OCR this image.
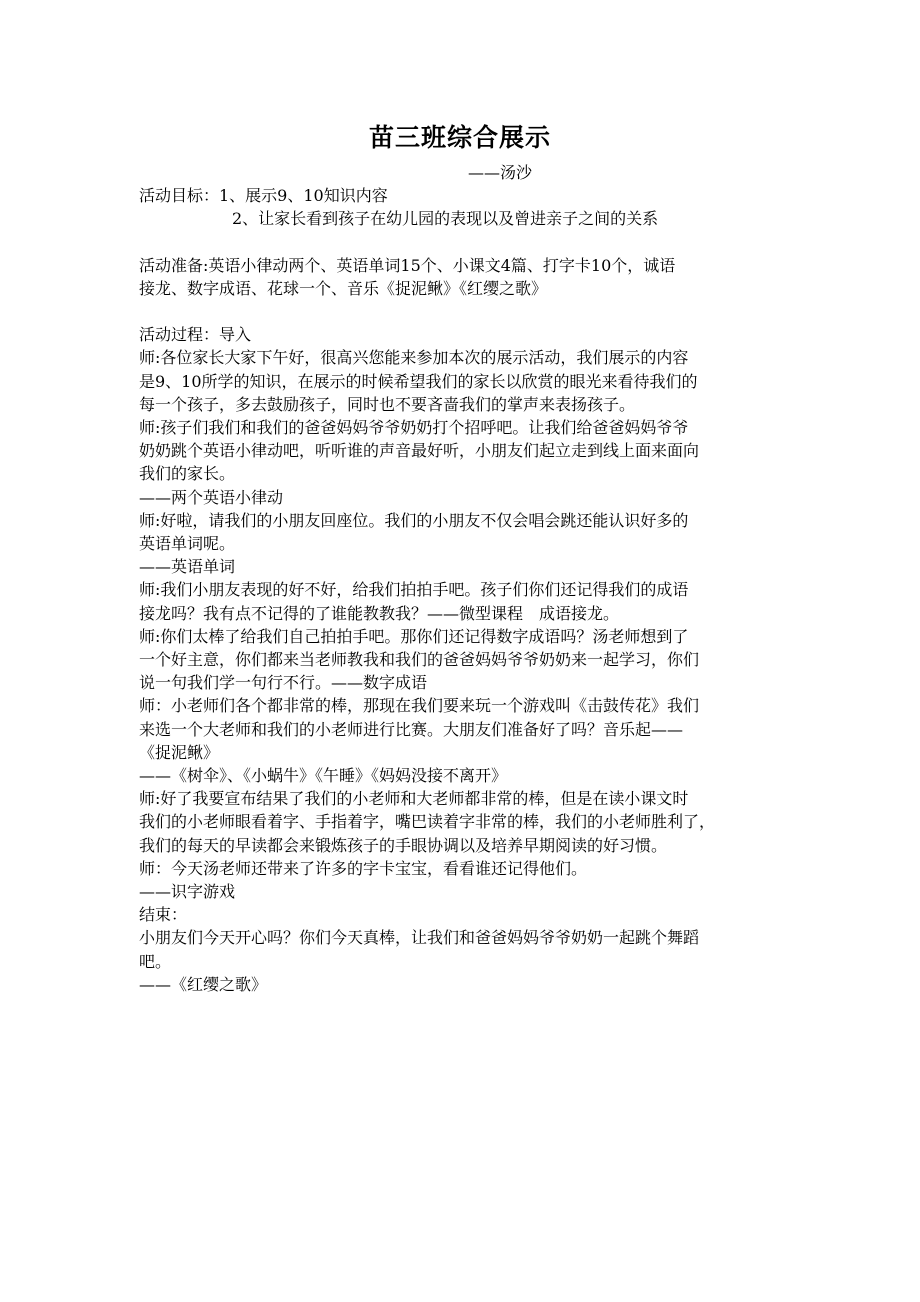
苗三班综合展示
——汤沙
活动目标：1、展示9、10知识内容
2、让家长看到孩子在幼儿园的表现以及曾进亲子之间的关系
活动准备:英语小律动两个、英语单词15个、小课文4篇、打字卡10个，诚语
接龙、数字成语、花球一个、音乐《捉泥鳅》《红缨之歌》
活动过程：导入
师:各位家长大家下午好，很高兴您能来参加本次的展示活动，我们展示的内容
是9、10所学的知识，在展示的时候希望我们的家长以欣赏的眼光来看待我们的
每一个孩子，多去鼓励孩子，同时也不要吝啬我们的掌声来表扬孩子。
师:孩子们我们和我们的爸爸妈妈爷爷奶奶打个招呼吧。让我们给爸爸妈妈爷爷
奶奶跳个英语小律动吧，听听谁的声音最好听，小朋友们起立走到线上面来面向
我们的家长。
——两个英语小律动
师:好啦，请我们的小朋友回座位。我们的小朋友不仅会唱会跳还能认识好多的
英语单词呢。
——英语单词
师:我们小朋友表现的好不好，给我们拍拍手吧。孩子们你们还记得我们的成语
接龙吗？我有点不记得的了谁能教教我？——微型课程　成语接龙。
师:你们太棒了给我们自己拍拍手吧。那你们还记得数字成语吗？汤老师想到了
一个好主意，你们都来当老师教我和我们的爸爸妈妈爷爷奶奶来一起学习，你们
说一句我们学一句行不行。——数字成语
师：小老师们各个都非常的棒，那现在我们要来玩一个游戏叫《击鼓传花》我们
来选一个大老师和我们的小老师进行比赛。大朋友们准备好了吗？音乐起——
《捉泥鳅》
——《树伞》、《小蜗牛》《午睡》《妈妈没接不离开》
师:好了我要宣布结果了我们的小老师和大老师都非常的棒，但是在读小课文时
我们的小老师眼看着字、手指着字，嘴巴读着字非常的棒，我们的小老师胜利了，
我们的每天的早读都会来锻炼孩子的手眼协调以及培养早期阅读的好习惯。
师：今天汤老师还带来了许多的字卡宝宝，看看谁还记得他们。
——识字游戏
结束：
小朋友们今天开心吗？你们今天真棒，让我们和爸爸妈妈爷爷奶奶一起跳个舞蹈
吧。
——《红缨之歌》
